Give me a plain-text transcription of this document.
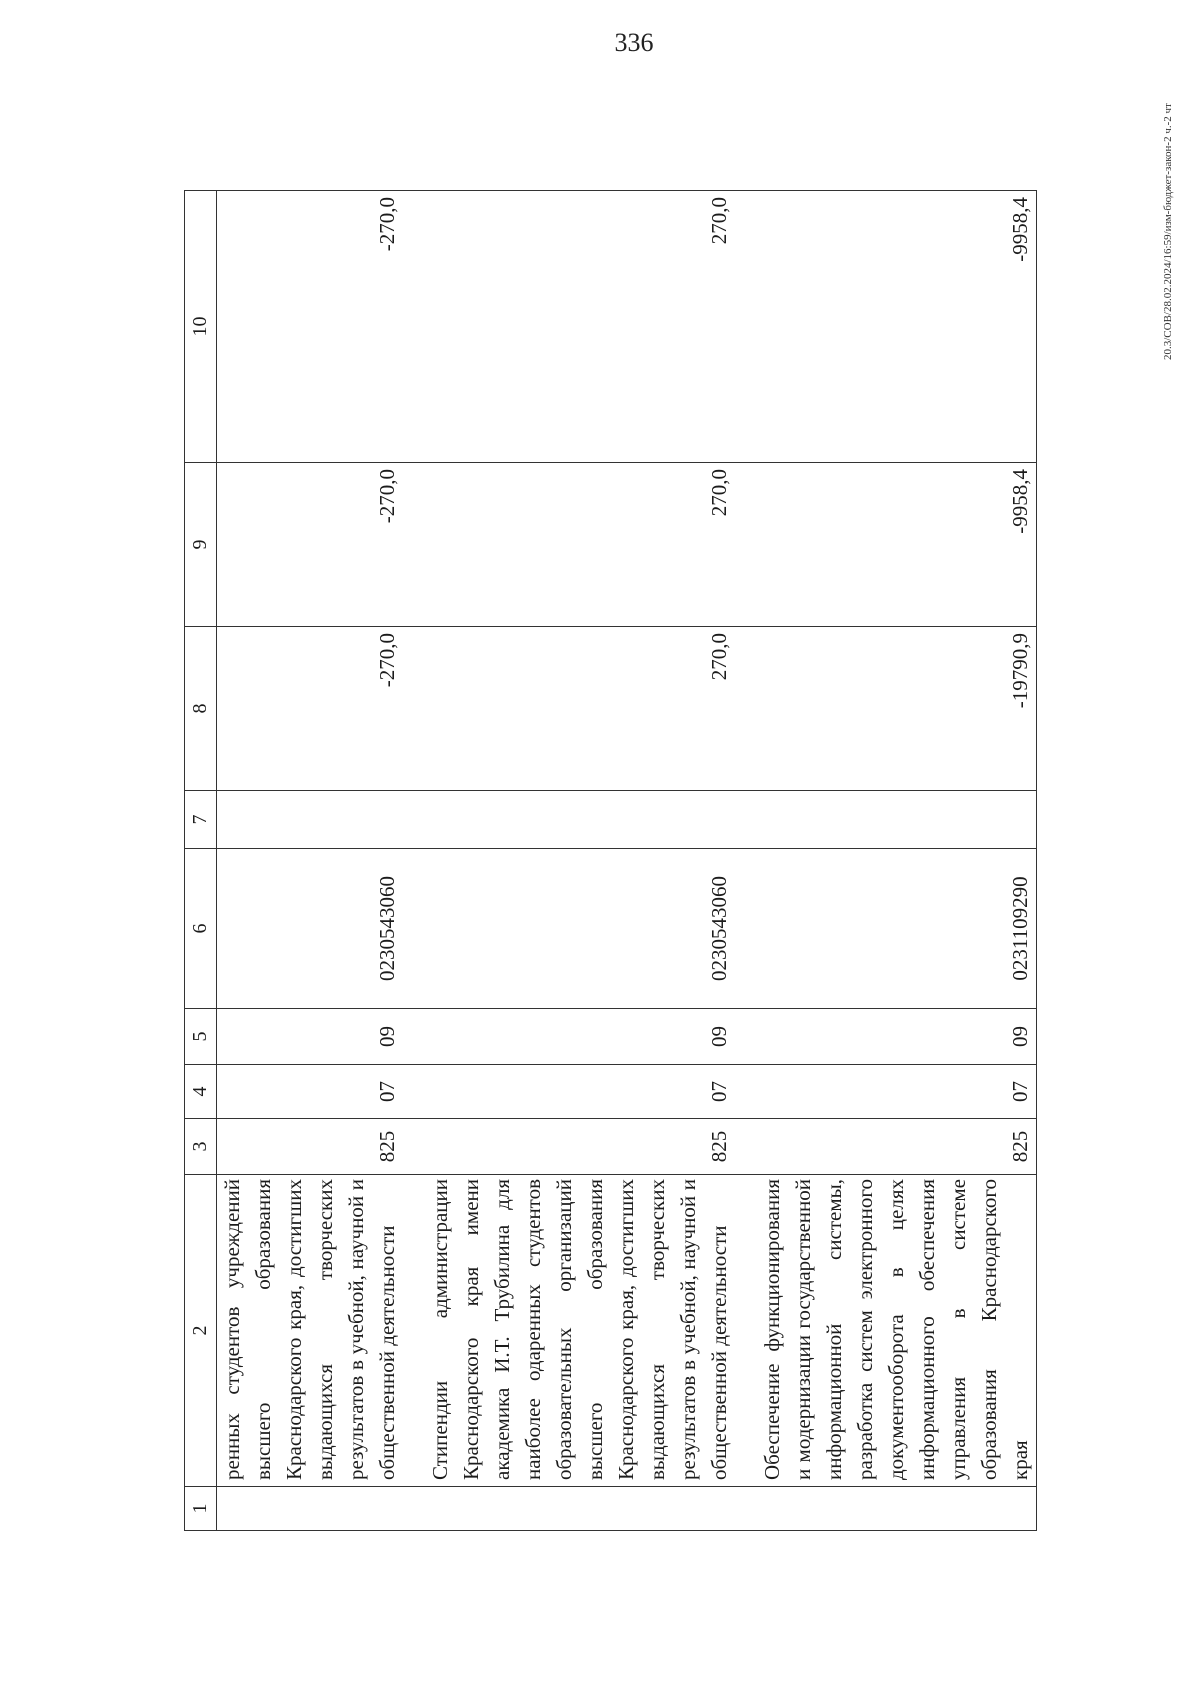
336
1	2	3	4	5	6	7	8	9	10
	ренных студентов учреждений высшего образования Краснодарского края, достигших выдающихся творческих результатов в учебной, научной и общественной деятельности	825	07	09	0230543060		-270,0	-270,0	-270,0

	Стипендии администрации Краснодарского края имени академика И.Т. Трубилина для наиболее одаренных студентов образовательных организаций высшего образования Краснодарского края, достигших выдающихся творческих результатов в учебной, научной и общественной деятельности	825	07	09	0230543060		270,0	270,0	270,0

	Обеспечение функционирования и модернизации государственной информационной системы, разработка систем электронного документооборота в целях информационного обеспечения управления в системе образования Краснодарского края	825	07	09	0231109290		-19790,9	-9958,4	-9958,4	20.3/СОВ/28.02.2024/16:59/изм-бюджет-закон-2 ч.-2 чт
